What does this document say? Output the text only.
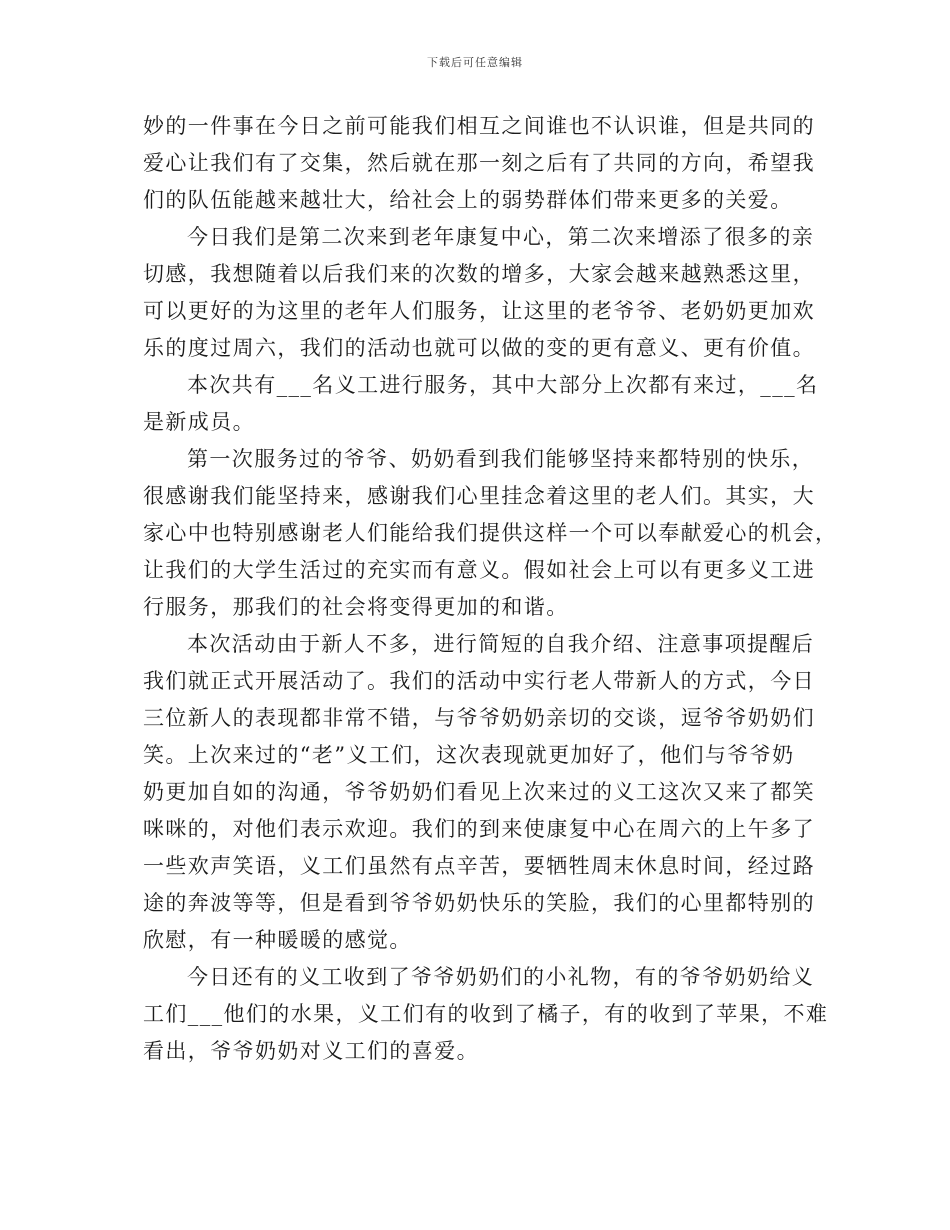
下载后可任意编辑
妙的一件事在今日之前可能我们相互之间谁也不认识谁，但是共同的
爱心让我们有了交集，然后就在那一刻之后有了共同的方向，希望我
们的队伍能越来越壮大，给社会上的弱势群体们带来更多的关爱。
今日我们是第二次来到老年康复中心，第二次来增添了很多的亲
切感，我想随着以后我们来的次数的增多，大家会越来越熟悉这里，
可以更好的为这里的老年人们服务，让这里的老爷爷、老奶奶更加欢
乐的度过周六，我们的活动也就可以做的变的更有意义、更有价值。
本次共有___名义工进行服务，其中大部分上次都有来过，___名
是新成员。
第一次服务过的爷爷、奶奶看到我们能够坚持来都特别的快乐，
很感谢我们能坚持来，感谢我们心里挂念着这里的老人们。其实，大
家心中也特别感谢老人们能给我们提供这样一个可以奉献爱心的机会，
让我们的大学生活过的充实而有意义。假如社会上可以有更多义工进
行服务，那我们的社会将变得更加的和谐。
本次活动由于新人不多，进行简短的自我介绍、注意事项提醒后
我们就正式开展活动了。我们的活动中实行老人带新人的方式，今日
三位新人的表现都非常不错，与爷爷奶奶亲切的交谈，逗爷爷奶奶们
笑。上次来过的“老”义工们，这次表现就更加好了，他们与爷爷奶
奶更加自如的沟通，爷爷奶奶们看见上次来过的义工这次又来了都笑
咪咪的，对他们表示欢迎。我们的到来使康复中心在周六的上午多了
一些欢声笑语，义工们虽然有点辛苦，要牺牲周末休息时间，经过路
途的奔波等等，但是看到爷爷奶奶快乐的笑脸，我们的心里都特别的
欣慰，有一种暖暖的感觉。
今日还有的义工收到了爷爷奶奶们的小礼物，有的爷爷奶奶给义
工们___他们的水果，义工们有的收到了橘子，有的收到了苹果，不难
看出，爷爷奶奶对义工们的喜爱。
